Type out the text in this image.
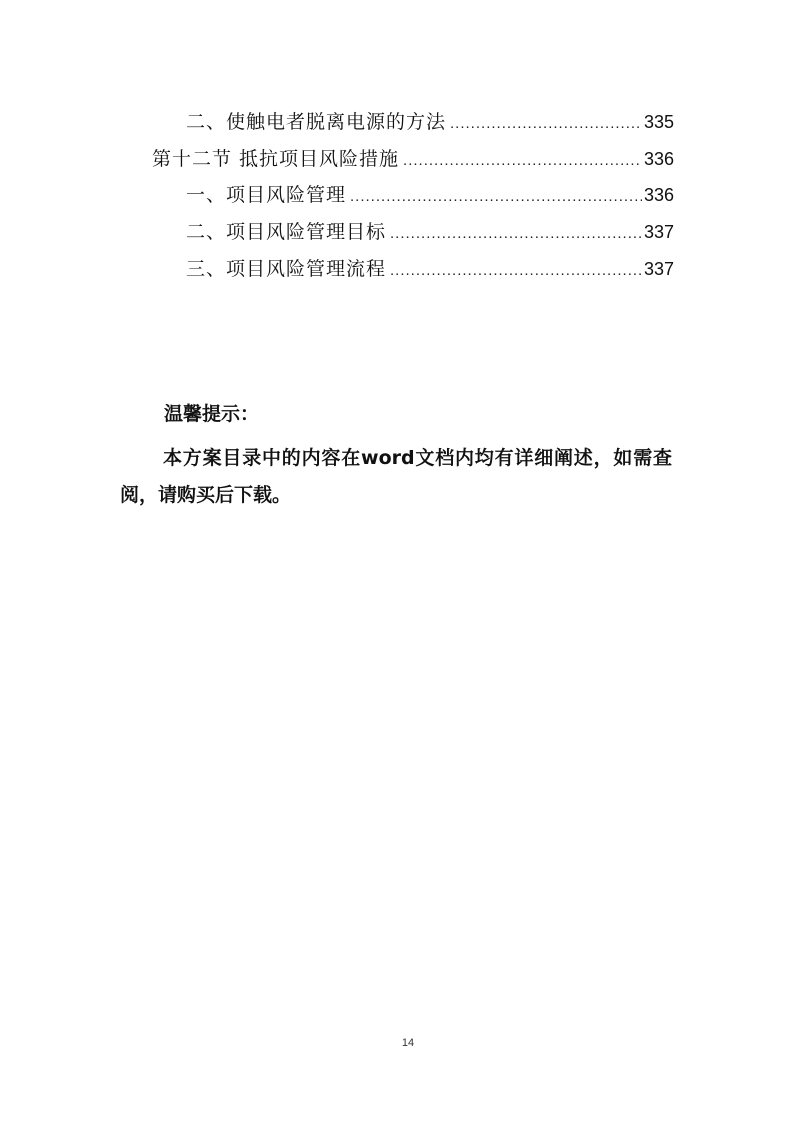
二、使触电者脱离电源的方法 .....	335
第十二节 抵抗项目风险措施 .....	336
一、项目风险管理 .....	336
二、项目风险管理目标 .....	337
三、项目风险管理流程 .....	337
温馨提示：
本方案目录中的内容在word文档内均有详细阐述，如需查阅，请购买后下载。
14
